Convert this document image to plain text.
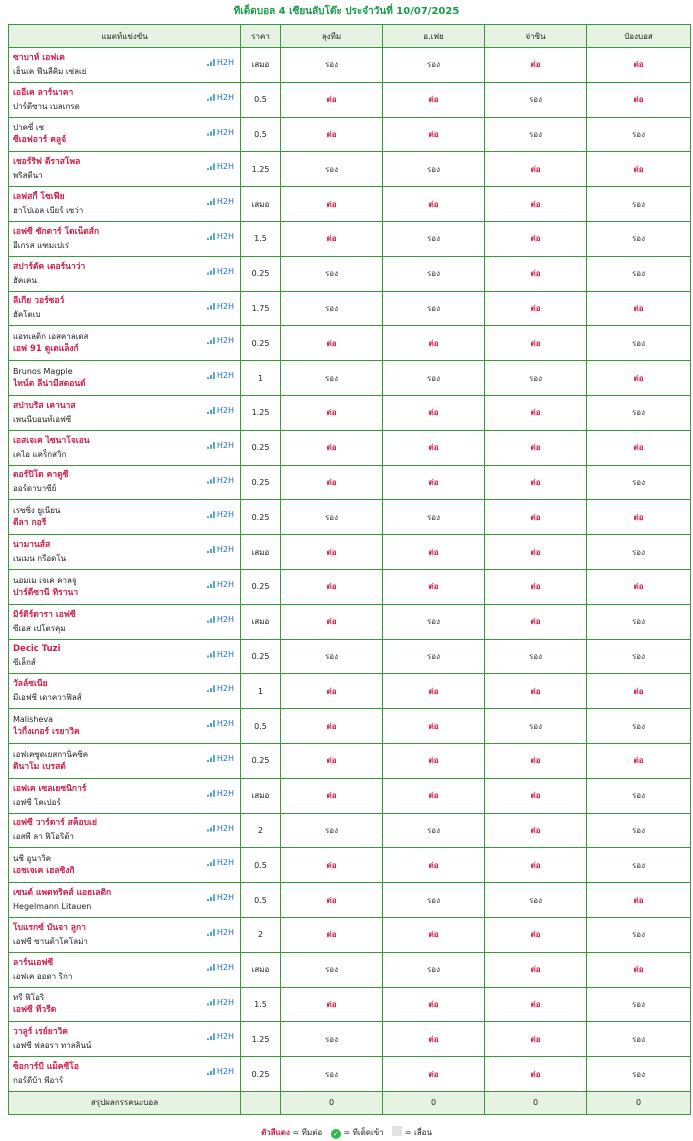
ทีเด็ดบอล 4 เซียนลับโต๊ะ ประจำวันที่ 10/07/2025
แมตท์แข่งขัน	ราคา	ลุงทีม	อ.เฟย	จ่าซิน	ป๋องบอส

ซาบาห์ เอฟเค
เฮ็นเค ฟีนลีคิม เซ่ลเย่
H2H	เสมอ	รอง	รอง	ต่อ	ต่อ

เออีเค ลาร์นาคา
ปาร์ตีซาน เบลเกรด
H2H	0.5	ต่อ	ต่อ	รอง	ต่อ

ปาคซี่ เช
ซีเอฟอาร์ คลูจ์
H2H	0.5	ต่อ	ต่อ	รอง	รอง

เชอร์ริฟ ตีราสโพล
พริสตีนา
H2H	1.25	รอง	รอง	ต่อ	ต่อ

เลฟสกี้ โซเฟีย
ฮาโปเอล เบียร์ เซว่า
H2H	เสมอ	ต่อ	ต่อ	ต่อ	รอง

เอฟซี ซักดาร์ โดเน็ตส์ก
อีเกรส แฑมเปเร่
H2H	1.5	ต่อ	รอง	ต่อ	รอง

สปาร์ตัค เตอร์นาว่า
ฮัคเคน
H2H	0.25	รอง	รอง	ต่อ	รอง

ลีเกีย วอร์ซอว์
ฮัคโตเบ
H2H	1.75	รอง	รอง	ต่อ	ต่อ

แอทเลติก เอสคาลเดส
เอฟ 91 ดูเดแล็งก์
H2H	0.25	ต่อ	ต่อ	ต่อ	รอง

Brunos Magpie
ไทน์ต ลีน่ามีสดอนด์
H2H	1	รอง	รอง	รอง	ต่อ

สปาบริส เคานาส
เพนนีบอนท์เอฟซี
H2H	1.25	ต่อ	ต่อ	ต่อ	รอง

เอสเจเค ไซนาโจเอน
เคไอ แคร็กสวิก
H2H	0.25	ต่อ	ต่อ	ต่อ	ต่อ

ดอร์ปิโด คาตูซี
ออร์ดาบาซีย์
H2H	0.25	ต่อ	ต่อ	ต่อ	รอง

เรซซิ่ง ยูเนียน
ดีลา กอรี
H2H	0.25	รอง	รอง	ต่อ	ต่อ

นามานส์ส
เนเมน กรีอดโน
H2H	เสมอ	ต่อ	ต่อ	ต่อ	รอง

นอมเม เจเค คาลจู
ปาร์ตีซานี ทิรานา
H2H	0.25	ต่อ	ต่อ	ต่อ	ต่อ

มิร์ติร์ดารา เอฟซี
ซีเอส เปโตรคุม
H2H	เสมอ	ต่อ	รอง	ต่อ	รอง

Decic Tuzi
ซีเล็กส์
H2H	0.25	รอง	รอง	รอง	รอง

วัลล์ซเนีย
มีเอฟซี เดาควาฟิลส์
H2H	1	ต่อ	ต่อ	ต่อ	ต่อ

Malisheva
ไวกิ้งเกอร์ เรยาวิค
H2H	0.5	ต่อ	ต่อ	รอง	รอง

เอฟเคซูดเยสกานิคซิค
ดินาโม เบรสต์
H2H	0.25	ต่อ	ต่อ	ต่อ	ต่อ

เอฟเค เซลเยซนิการ์
เอฟซี โคเปอร์
H2H	เสมอ	ต่อ	ต่อ	ต่อ	รอง

เอฟซี วาร์ดาร์ สค็อบเย่
เอสพี ลา ฟิโอริต้า
H2H	2	รอง	รอง	ต่อ	รอง

นชี อูนาวิค
เอชเจเค เฮลซิงกิ
H2H	0.5	ต่อ	ต่อ	ต่อ	รอง

เซนต์ แพตทริคส์ แอธเลติก
Hegelmann Litauen
H2H	0.5	ต่อ	รอง	รอง	ต่อ

โบแรกซ์ บันจา ลูกา
เอฟซี ซานต้าโคโลม่า
H2H	2	ต่อ	ต่อ	ต่อ	รอง

ลาร์นเอฟซี
เอฟเค ออดา ริกา
H2H	เสมอ	รอง	รอง	ต่อ	ต่อ

ทรี ฟิโอริ
เอฟซี ทีวรีด
H2H	1.5	ต่อ	ต่อ	ต่อ	รอง

วาลูร์ เรย์ยาวิค
เอฟซี ฟลอรา ทาลลินน์
H2H	1.25	รอง	ต่อ	ต่อ	รอง

ซ็อการ์บี แม็คซีโอ
กอร์ดีบ้า พีอาร์
H2H	0.25	รอง	ต่อ	ต่อ	รอง
สรุปผลกรรคนะบอล		0	0	0	0
ตัวสีแดง = ทีมต่อ ✓ = ทีเด็ดเข้า	= เลื่อน
